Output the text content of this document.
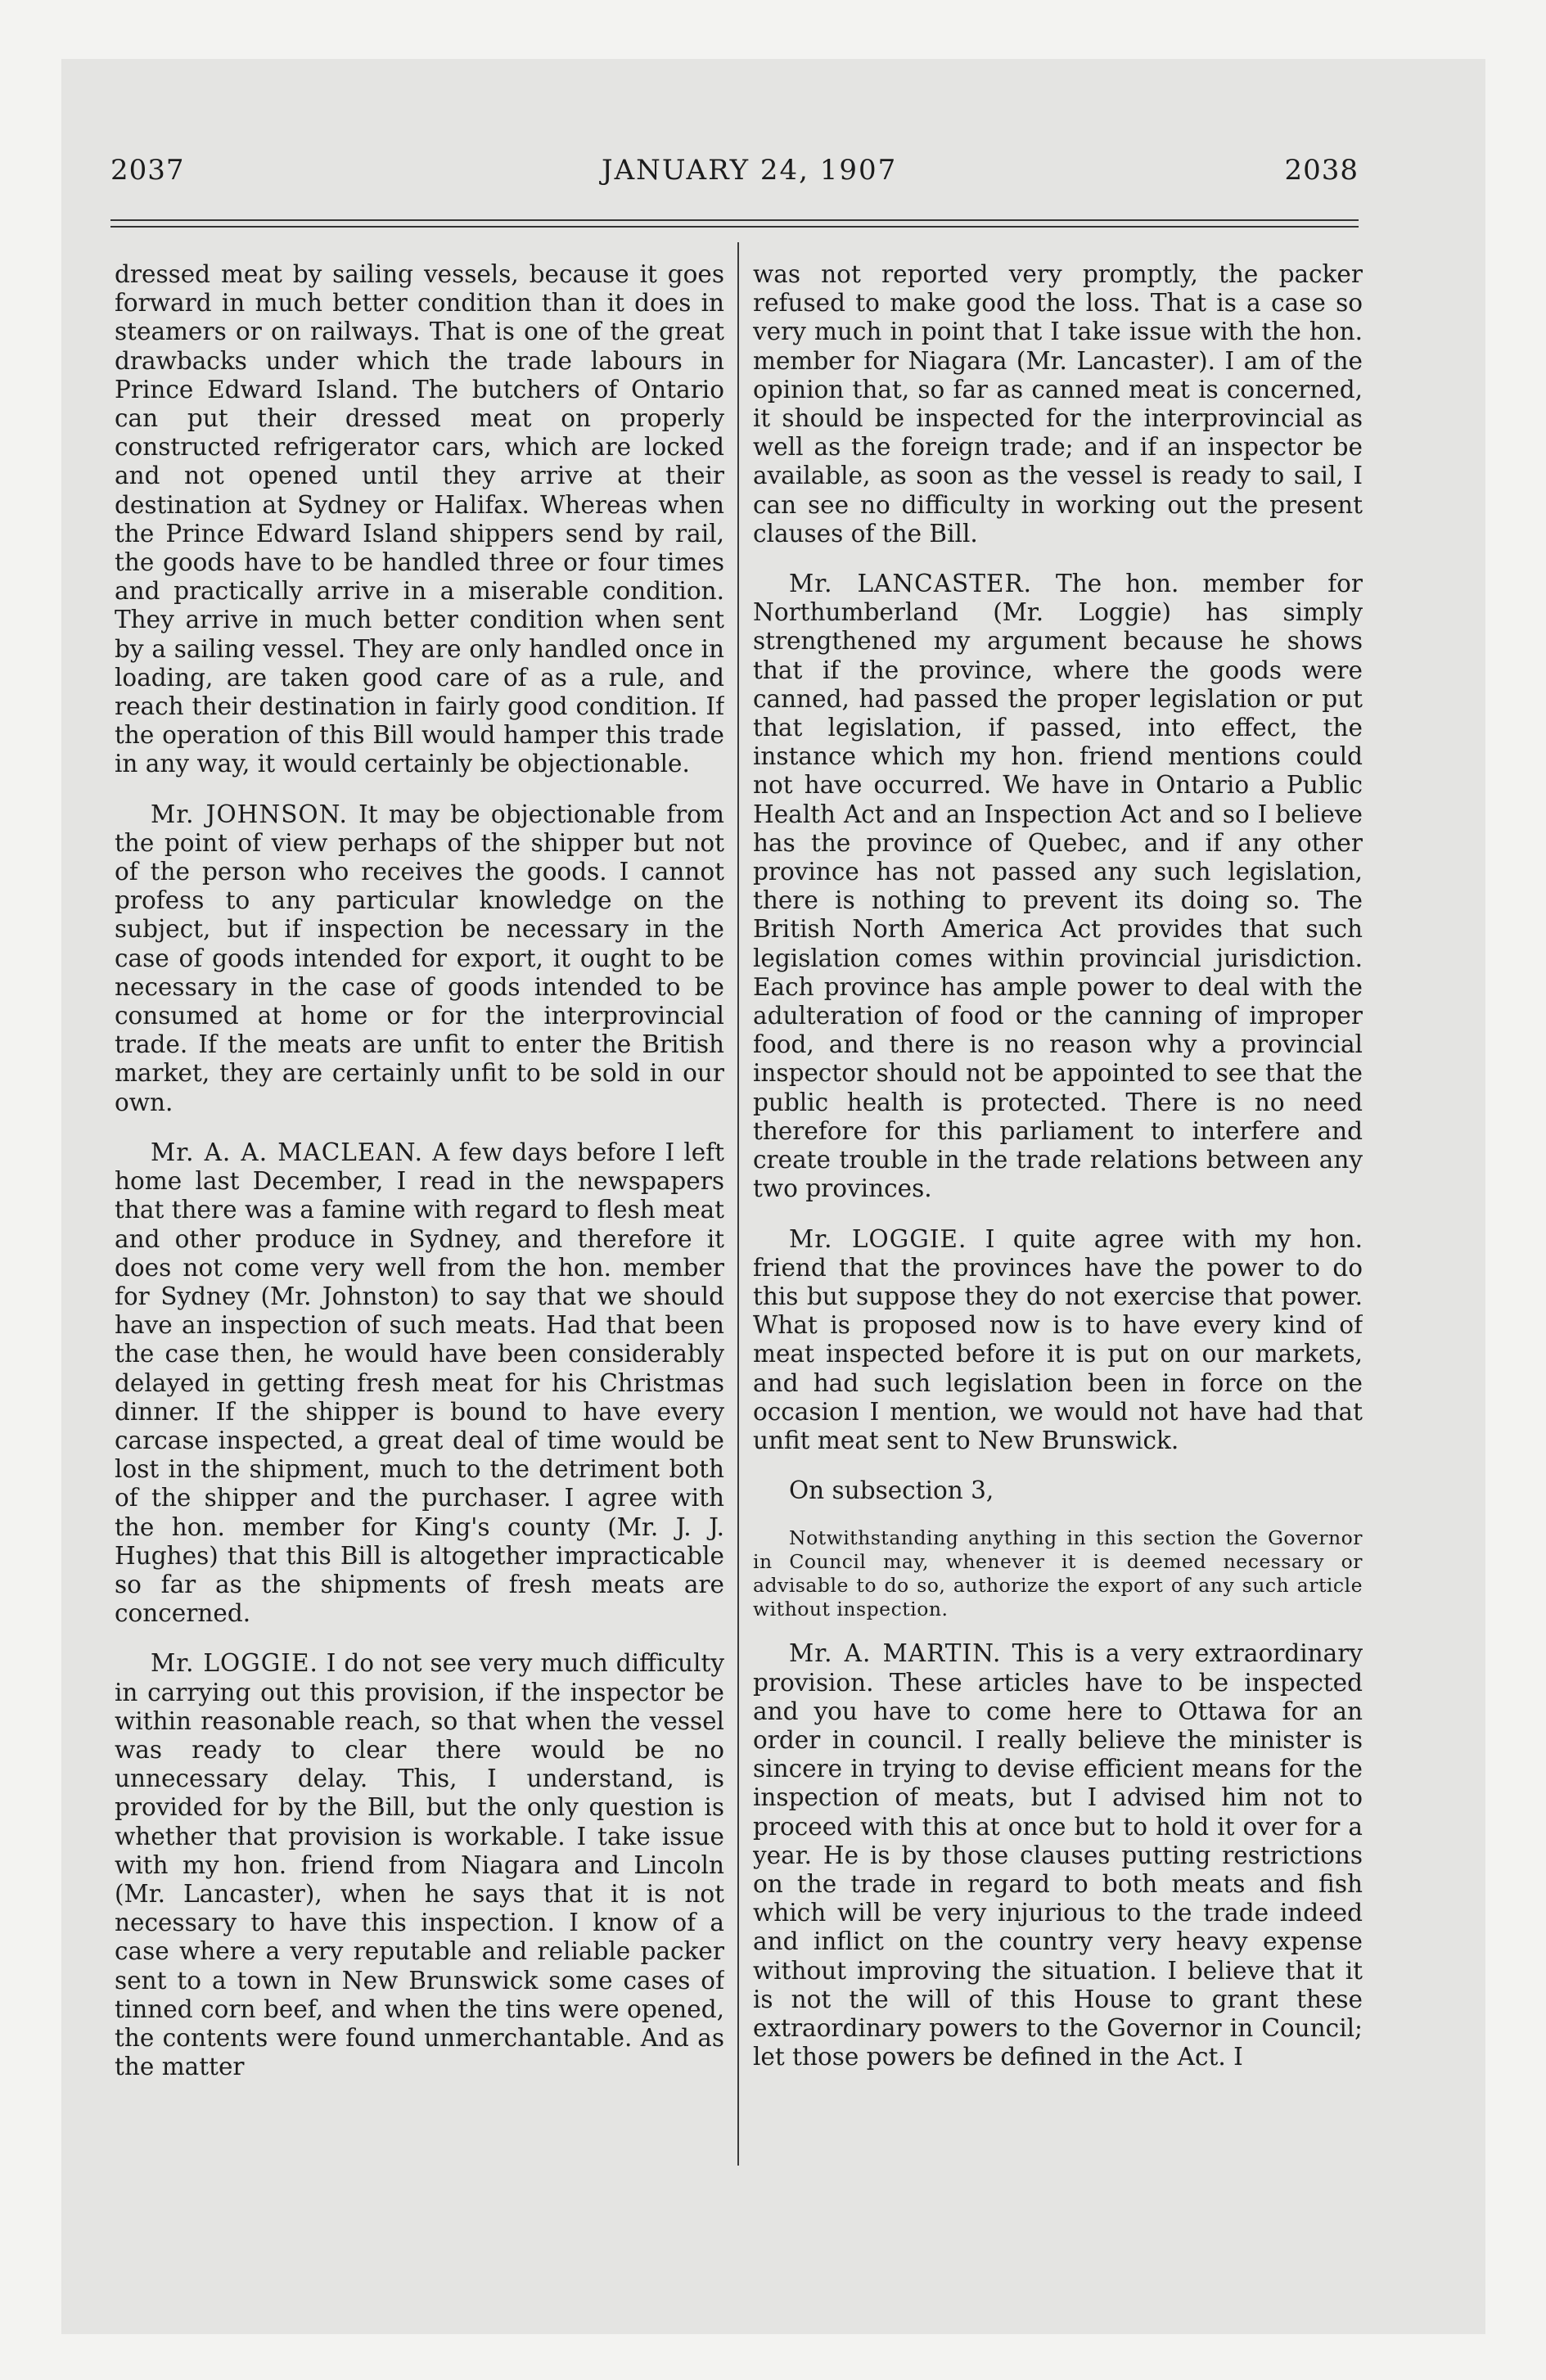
2037	JANUARY 24, 1907	2038

dressed meat by sailing vessels, because it goes forward in much better condition than it does in steamers or on railways. That is one of the great drawbacks under which the trade labours in Prince Edward Island. The butchers of Ontario can put their dressed meat on properly constructed refrigerator cars, which are locked and not opened until they arrive at their destination at Sydney or Halifax. Whereas when the Prince Edward Island shippers send by rail, the goods have to be handled three or four times and practically arrive in a miserable condition. They arrive in much better condition when sent by a sailing vessel. They are only handled once in loading, are taken good care of as a rule, and reach their destination in fairly good condition. If the operation of this Bill would hamper this trade in any way, it would certainly be objectionable.

Mr. JOHNSON. It may be objectionable from the point of view perhaps of the shipper but not of the person who receives the goods. I cannot profess to any particular knowledge on the subject, but if inspection be necessary in the case of goods intended for export, it ought to be necessary in the case of goods intended to be consumed at home or for the interprovincial trade. If the meats are unfit to enter the British market, they are certainly unfit to be sold in our own.

Mr. A. A. MACLEAN. A few days before I left home last December, I read in the newspapers that there was a famine with regard to flesh meat and other produce in Sydney, and therefore it does not come very well from the hon. member for Sydney (Mr. Johnston) to say that we should have an inspection of such meats. Had that been the case then, he would have been considerably delayed in getting fresh meat for his Christmas dinner. If the shipper is bound to have every carcase inspected, a great deal of time would be lost in the shipment, much to the detriment both of the shipper and the purchaser. I agree with the hon. member for King's county (Mr. J. J. Hughes) that this Bill is altogether impracticable so far as the shipments of fresh meats are concerned.

Mr. LOGGIE. I do not see very much difficulty in carrying out this provision, if the inspector be within reasonable reach, so that when the vessel was ready to clear there would be no unnecessary delay. This, I understand, is provided for by the Bill, but the only question is whether that provision is workable. I take issue with my hon. friend from Niagara and Lincoln (Mr. Lancaster), when he says that it is not necessary to have this inspection. I know of a case where a very reputable and reliable packer sent to a town in New Brunswick some cases of tinned corn beef, and when the tins were opened, the contents were found unmerchantable. And as the matter

was not reported very promptly, the packer refused to make good the loss. That is a case so very much in point that I take issue with the hon. member for Niagara (Mr. Lancaster). I am of the opinion that, so far as canned meat is concerned, it should be inspected for the interprovincial as well as the foreign trade; and if an inspector be available, as soon as the vessel is ready to sail, I can see no difficulty in working out the present clauses of the Bill.

Mr. LANCASTER. The hon. member for Northumberland (Mr. Loggie) has simply strengthened my argument because he shows that if the province, where the goods were canned, had passed the proper legislation or put that legislation, if passed, into effect, the instance which my hon. friend mentions could not have occurred. We have in Ontario a Public Health Act and an Inspection Act and so I believe has the province of Quebec, and if any other province has not passed any such legislation, there is nothing to prevent its doing so. The British North America Act provides that such legislation comes within provincial jurisdiction. Each province has ample power to deal with the adulteration of food or the canning of improper food, and there is no reason why a provincial inspector should not be appointed to see that the public health is protected. There is no need therefore for this parliament to interfere and create trouble in the trade relations between any two provinces.

Mr. LOGGIE. I quite agree with my hon. friend that the provinces have the power to do this but suppose they do not exercise that power. What is proposed now is to have every kind of meat inspected before it is put on our markets, and had such legislation been in force on the occasion I mention, we would not have had that unfit meat sent to New Brunswick.

On subsection 3,

Notwithstanding anything in this section the Governor in Council may, whenever it is deemed necessary or advisable to do so, authorize the export of any such article without inspection.

Mr. A. MARTIN. This is a very extraordinary provision. These articles have to be inspected and you have to come here to Ottawa for an order in council. I really believe the minister is sincere in trying to devise efficient means for the inspection of meats, but I advised him not to proceed with this at once but to hold it over for a year. He is by those clauses putting restrictions on the trade in regard to both meats and fish which will be very injurious to the trade indeed and inflict on the country very heavy expense without improving the situation. I believe that it is not the will of this House to grant these extraordinary powers to the Governor in Council; let those powers be defined in the Act. I
